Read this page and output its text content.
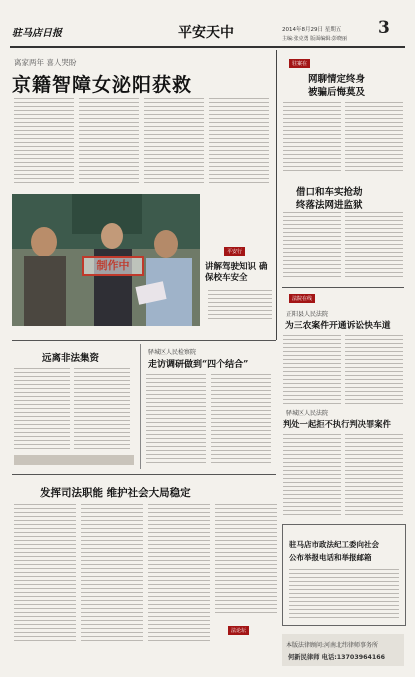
驻马店日报	平安天中	2014年8月29日 星期五 3
主编:张克勇 版面编辑:彭晓丽
离家两年 喜人哭盼
京籍智障女泌阳获救
制作中
平安行
讲解驾驶知识 确保校车安全
驻案在
网聊情定终身
被骗后悔莫及
借口和车实抢劫
终落法网进监狱
法院在线
正阳县人民法院
为三农案件开通诉讼快车道
驿城区人民法院
判处一起拒不执行判决罪案件
远离非法集资
驿城区人民检察院
走访调研做到“四个结合”
发挥司法职能 维护社会大局稳定
法论坛
驻马店市政法纪工委向社会
公布举报电话和举报邮箱
本版法律顾问:河南北纬律师事务所
何新民律师 电话:13703964166
